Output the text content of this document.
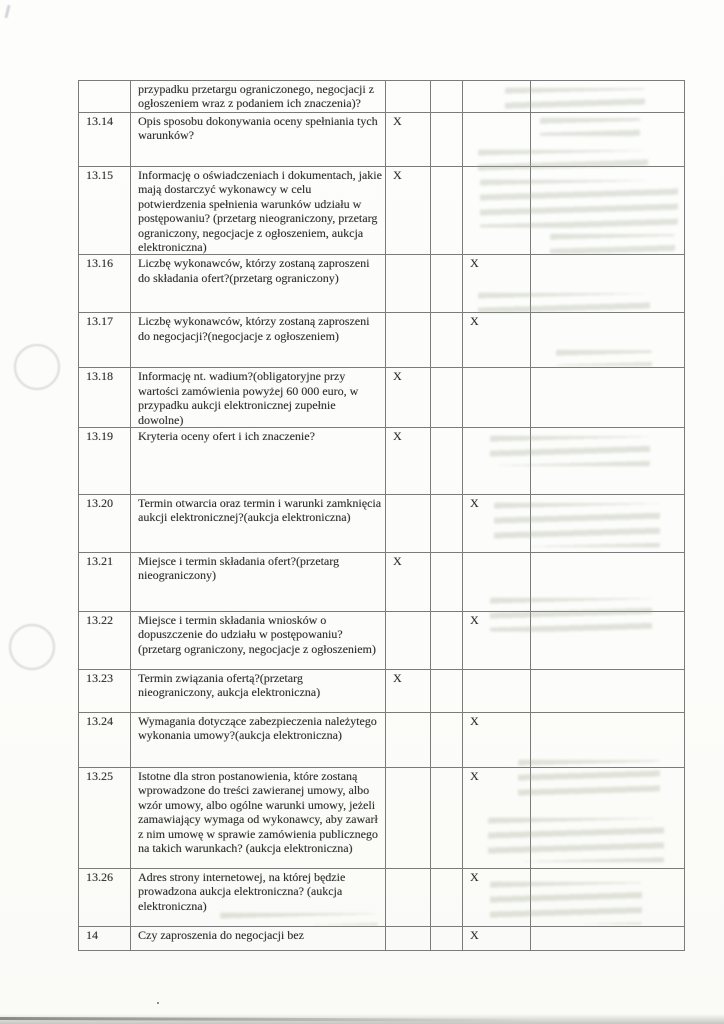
	przypadku przetargu ograniczonego, negocjacji z ogłoszeniem wraz z podaniem ich znaczenia)?				
13.14	Opis sposobu dokonywania oceny spełniania tych warunków?	X			
13.15	Informację o oświadczeniach i dokumentach, jakie mają dostarczyć wykonawcy w celu potwierdzenia spełnienia warunków udziału w postępowaniu? (przetarg nieograniczony, przetarg ograniczony, negocjacje z ogłoszeniem, aukcja elektroniczna)	X			
13.16	Liczbę wykonawców, którzy zostaną zaproszeni do składania ofert?(przetarg ograniczony)			X	
13.17	Liczbę wykonawców, którzy zostaną zaproszeni do negocjacji?(negocjacje z ogłoszeniem)			X	
13.18	Informację nt. wadium?(obligatoryjne przy wartości zamówienia powyżej 60 000 euro, w przypadku aukcji elektronicznej zupełnie dowolne)	X			
13.19	Kryteria oceny ofert i ich znaczenie?	X			
13.20	Termin otwarcia oraz termin i warunki zamknięcia aukcji elektronicznej?(aukcja elektroniczna)			X	
13.21	Miejsce i termin składania ofert?(przetarg nieograniczony)	X			
13.22	Miejsce i termin składania wniosków o dopuszczenie do udziału w postępowaniu?(przetarg ograniczony, negocjacje z ogłoszeniem)			X	
13.23	Termin związania ofertą?(przetarg nieograniczony, aukcja elektroniczna)	X			
13.24	Wymagania dotyczące zabezpieczenia należytego wykonania umowy?(aukcja elektroniczna)			X	
13.25	Istotne dla stron postanowienia, które zostaną wprowadzone do treści zawieranej umowy, albo wzór umowy, albo ogólne warunki umowy, jeżeli zamawiający wymaga od wykonawcy, aby zawarł z nim umowę w sprawie zamówienia publicznego na takich warunkach? (aukcja elektroniczna)			X	
13.26	Adres strony internetowej, na której będzie prowadzona aukcja elektroniczna? (aukcja elektroniczna)			X	
14	Czy zaproszenia do negocjacji bez			X	
